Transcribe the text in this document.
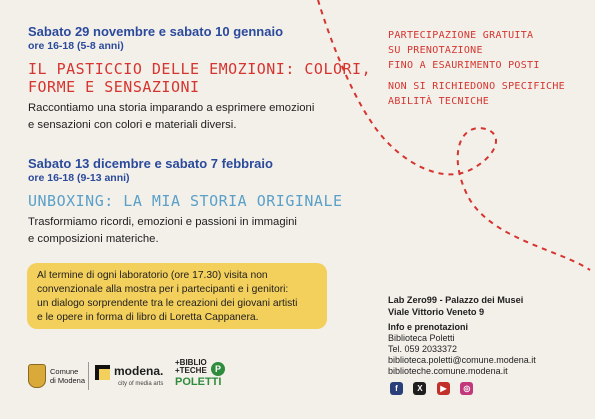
Sabato 29 novembre e sabato 10 gennaio
ore 16-18 (5-8 anni)
IL PASTICCIO DELLE EMOZIONI: COLORI,
FORME E SENSAZIONI
Raccontiamo una storia imparando a esprimere emozioni
e sensazioni con colori e materiali diversi.
Sabato 13 dicembre e sabato 7 febbraio
ore 16-18 (9-13 anni)
UNBOXING: LA MIA STORIA ORIGINALE
Trasformiamo ricordi, emozioni e passioni in immagini
e composizioni materiche.
Al termine di ogni laboratorio (ore 17.30) visita non
convenzionale alla mostra per i partecipanti e i genitori:
un dialogo sorprendente tra le creazioni dei giovani artisti
e le opere in forma di libro di Loretta Cappanera.
PARTECIPAZIONE GRATUITA
SU PRENOTAZIONE
FINO A ESAURIMENTO POSTI
NON SI RICHIEDONO SPECIFICHE
ABILITÀ TECNICHE
Lab Zero99 - Palazzo dei Musei
Viale Vittorio Veneto 9
Info e prenotazioni
Biblioteca Poletti
Tel. 059 2033372
biblioteca.poletti@comune.modena.it
biblioteche.comune.modena.it
f X ▶ ◎
Comune
di Modena
modena.
city of media arts
+BIBLIO
+TECHE
POLETTI
P
